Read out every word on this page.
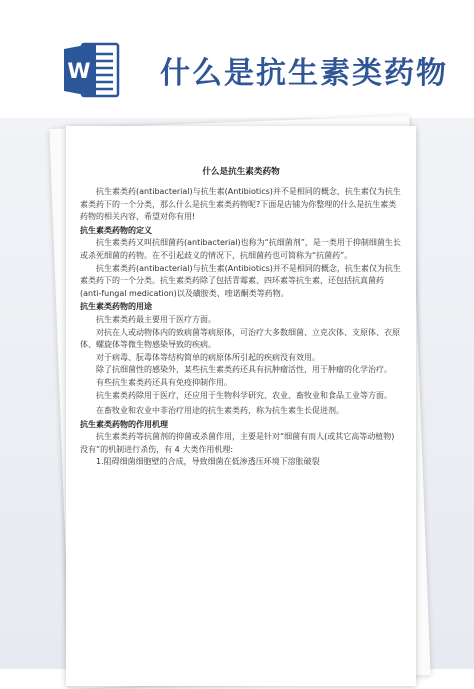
W 什么是抗生素类药物
什么是抗生素类药物

抗生素类药(antibacterial)与抗生素(Antibiotics)并不是相同的概念，抗生素仅为抗生素类药下的一个分类，那么什么是抗生素类药物呢?下面是店铺为你整理的什么是抗生素类药物的相关内容，希望对你有用!

抗生素类药物的定义

抗生素类药又叫抗细菌药(antibacterial)也称为“抗细菌剂”，是一类用于抑制细菌生长或杀死细菌的药物。在不引起歧义的情况下，抗细菌药也可简称为“抗菌药”。

抗生素类药(antibacterial)与抗生素(Antibiotics)并不是相同的概念，抗生素仅为抗生素类药下的一个分类。抗生素类药除了包括青霉素、四环素等抗生素，还包括抗真菌药(anti-fungal medication)以及磺胺类、喹诺酮类等药物。

抗生素类药物的用途

抗生素类药最主要用于医疗方面。

对抗在人或动物体内的致病菌等病原体，可治疗大多数细菌、立克次体、支原体、衣原体、螺旋体等微生物感染导致的疾病。

对于病毒、朊毒体等结构简单的病原体所引起的疾病没有效用。

除了抗细菌性的感染外，某些抗生素类药还具有抗肿瘤活性，用于肿瘤的化学治疗。

有些抗生素类药还具有免疫抑制作用。

抗生素类药除用于医疗，还应用于生物科学研究、农业、畜牧业和食品工业等方面。

在畜牧业和农业中非治疗用途的抗生素类药，称为抗生素生长促进剂。

抗生素类药物的作用机理

抗生素类药等抗菌剂的抑菌或杀菌作用，主要是针对“细菌有而人(或其它高等动植物)没有”的机制进行杀伤，有 4 大类作用机理:

1.阻碍细菌细胞壁的合成，导致细菌在低渗透压环境下溶胀破裂
